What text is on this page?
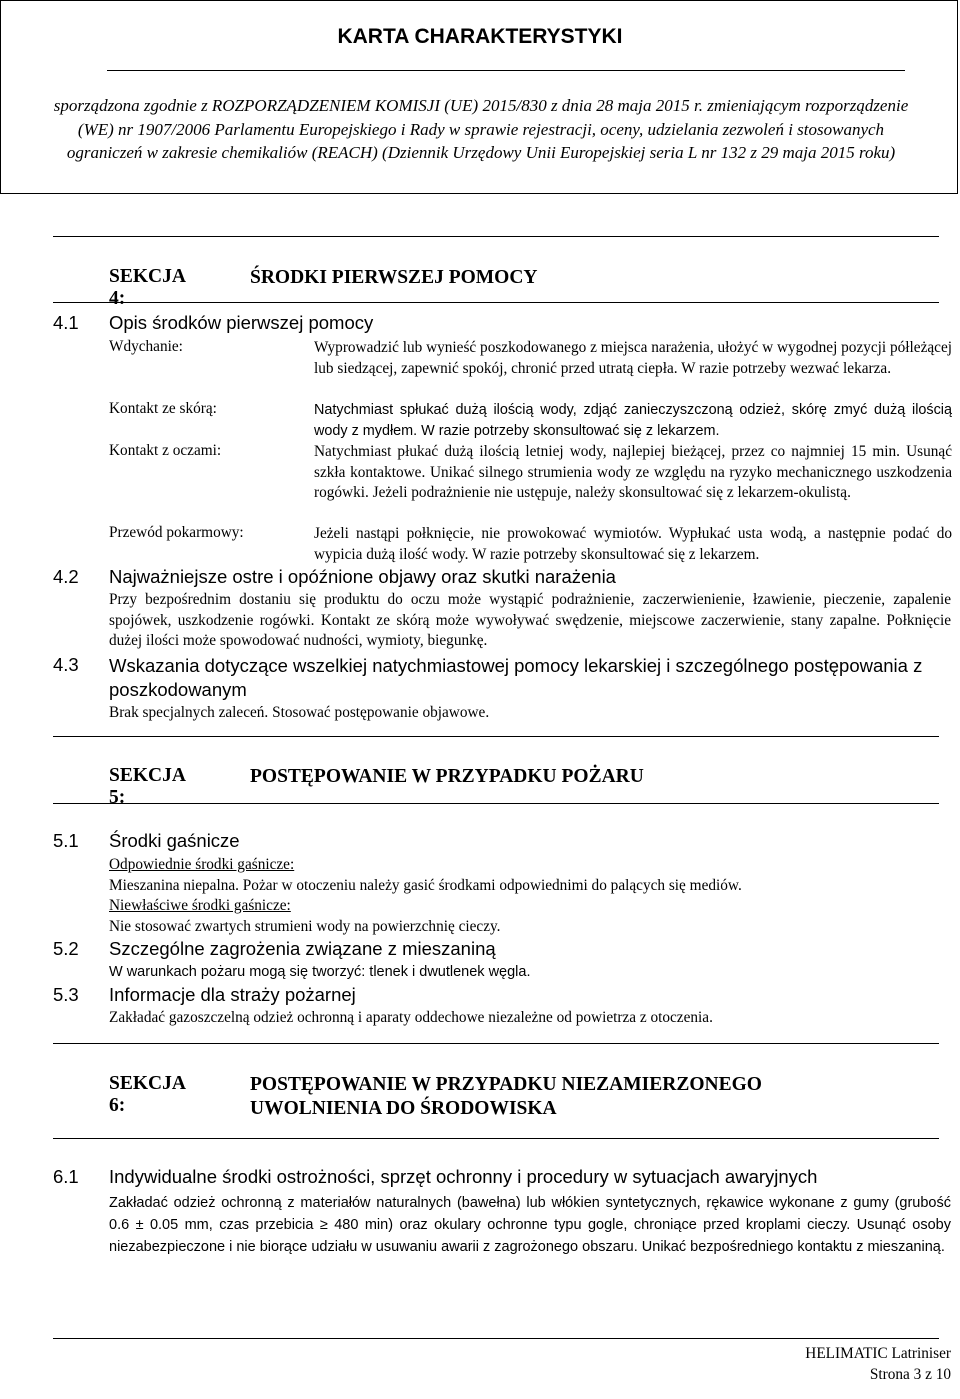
KARTA CHARAKTERYSTYKI
sporządzona zgodnie z ROZPORZĄDZENIEM KOMISJI (UE) 2015/830 z dnia 28 maja 2015 r. zmieniającym rozporządzenie (WE) nr 1907/2006 Parlamentu Europejskiego i Rady w sprawie rejestracji, oceny, udzielania zezwoleń i stosowanych ograniczeń w zakresie chemikaliów (REACH) (Dziennik Urzędowy Unii Europejskiej seria L nr 132 z 29 maja 2015 roku)
SEKCJA 4:
ŚRODKI PIERWSZEJ POMOCY
4.1 Opis środków pierwszej pomocy
Wdychanie:	Wyprowadzić lub wynieść poszkodowanego z miejsca narażenia, ułożyć w wygodnej pozycji półleżącej lub siedzącej, zapewnić spokój, chronić przed utratą ciepła. W razie potrzeby wezwać lekarza.
Kontakt ze skórą:	Natychmiast spłukać dużą ilością wody, zdjąć zanieczyszczoną odzież, skórę zmyć dużą ilością wody z mydłem. W razie potrzeby skonsultować się z lekarzem.
Kontakt z oczami:	Natychmiast płukać dużą ilością letniej wody, najlepiej bieżącej, przez co najmniej 15 min. Usunąć szkła kontaktowe. Unikać silnego strumienia wody ze względu na ryzyko mechanicznego uszkodzenia rogówki. Jeżeli podrażnienie nie ustępuje, należy skonsultować się z lekarzem-okulistą.
Przewód pokarmowy:	Jeżeli nastąpi połknięcie, nie prowokować wymiotów. Wypłukać usta wodą, a następnie podać do wypicia dużą ilość wody. W razie potrzeby skonsultować się z lekarzem.
4.2 Najważniejsze ostre i opóźnione objawy oraz skutki narażenia
Przy bezpośrednim dostaniu się produktu do oczu może wystąpić podrażnienie, zaczerwienienie, łzawienie, pieczenie, zapalenie spojówek, uszkodzenie rogówki. Kontakt ze skórą może wywoływać swędzenie, miejscowe zaczerwienie, stany zapalne. Połknięcie dużej ilości może spowodować nudności, wymioty, biegunkę.
4.3 Wskazania dotyczące wszelkiej natychmiastowej pomocy lekarskiej i szczególnego postępowania z poszkodowanym
Brak specjalnych zaleceń. Stosować postępowanie objawowe.
SEKCJA 5:
POSTĘPOWANIE W PRZYPADKU POŻARU
5.1 Środki gaśnicze
Odpowiednie środki gaśnicze:
Mieszanina niepalna. Pożar w otoczeniu należy gasić środkami odpowiednimi do palących się mediów.
Niewłaściwe środki gaśnicze:
Nie stosować zwartych strumieni wody na powierzchnię cieczy.
5.2 Szczególne zagrożenia związane z mieszaniną
W warunkach pożaru mogą się tworzyć: tlenek i dwutlenek węgla.
5.3 Informacje dla straży pożarnej
Zakładać gazoszczelną odzież ochronną i aparaty oddechowe niezależne od powietrza z otoczenia.
SEKCJA 6:
POSTĘPOWANIE W PRZYPADKU NIEZAMIERZONEGO UWOLNIENIA DO ŚRODOWISKA
6.1 Indywidualne środki ostrożności, sprzęt ochronny i procedury w sytuacjach awaryjnych
Zakładać odzież ochronną z materiałów naturalnych (bawełna) lub włókien syntetycznych, rękawice wykonane z gumy (grubość 0.6 ± 0.05 mm, czas przebicia ≥ 480 min) oraz okulary ochronne typu gogle, chroniące przed kroplami cieczy. Usunąć osoby niezabezpieczone i nie biorące udziału w usuwaniu awarii z zagrożonego obszaru. Unikać bezpośredniego kontaktu z mieszaniną.
HELIMATIC Latriniser
Strona 3 z 10
